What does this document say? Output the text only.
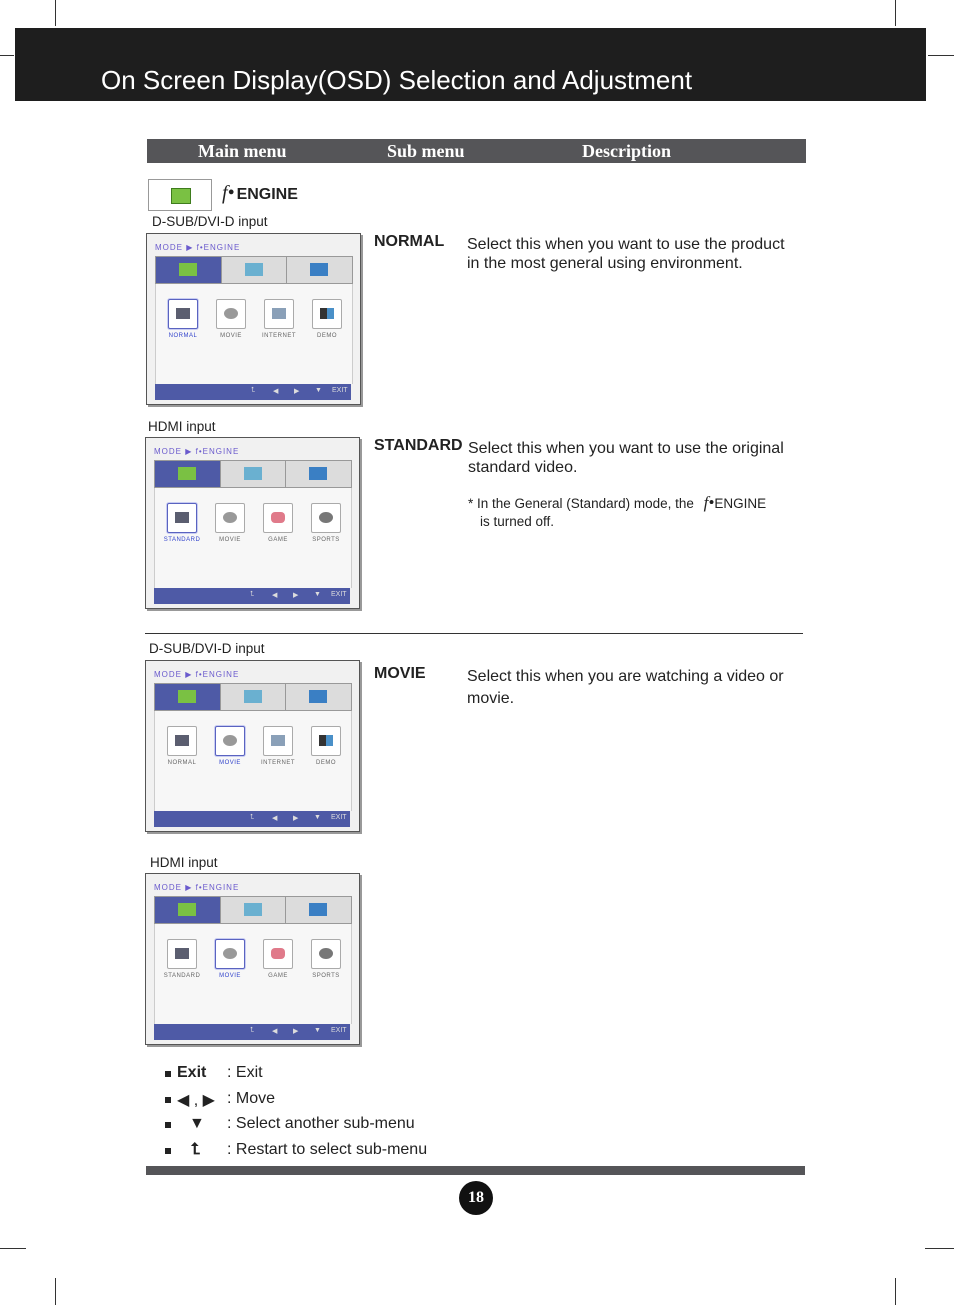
On Screen Display(OSD) Selection and Adjustment
Main menu	Sub menu	Description
f• ENGINE
D-SUB/DVI-D input
MODE ▶ f•ENGINE
NORMAL	MOVIE	INTERNET	DEMO
⮤	◀ ▶ ▼ EXIT
NORMAL Select this when you want to use the product in the most general using environment.
HDMI input
MODE ▶ f•ENGINE
STANDARD	MOVIE	GAME	SPORTS
⮤	◀ ▶ ▼ EXIT
STANDARD Select this when you want to use the original standard video.
* In the General (Standard) mode, the f•ENGINE
is turned off.
D-SUB/DVI-D input
MODE ▶ f•ENGINE
NORMAL	MOVIE	INTERNET	DEMO
⮤	◀ ▶ ▼ EXIT
MOVIE	Select this when you are watching a video or movie.
HDMI input
MODE ▶ f•ENGINE
STANDARD	MOVIE	GAME	SPORTS
⮤	◀ ▶ ▼ EXIT
Exit : Exit
◀ , ▶ : Move
▼ : Select another sub-menu
⮤ : Restart to select sub-menu
18
